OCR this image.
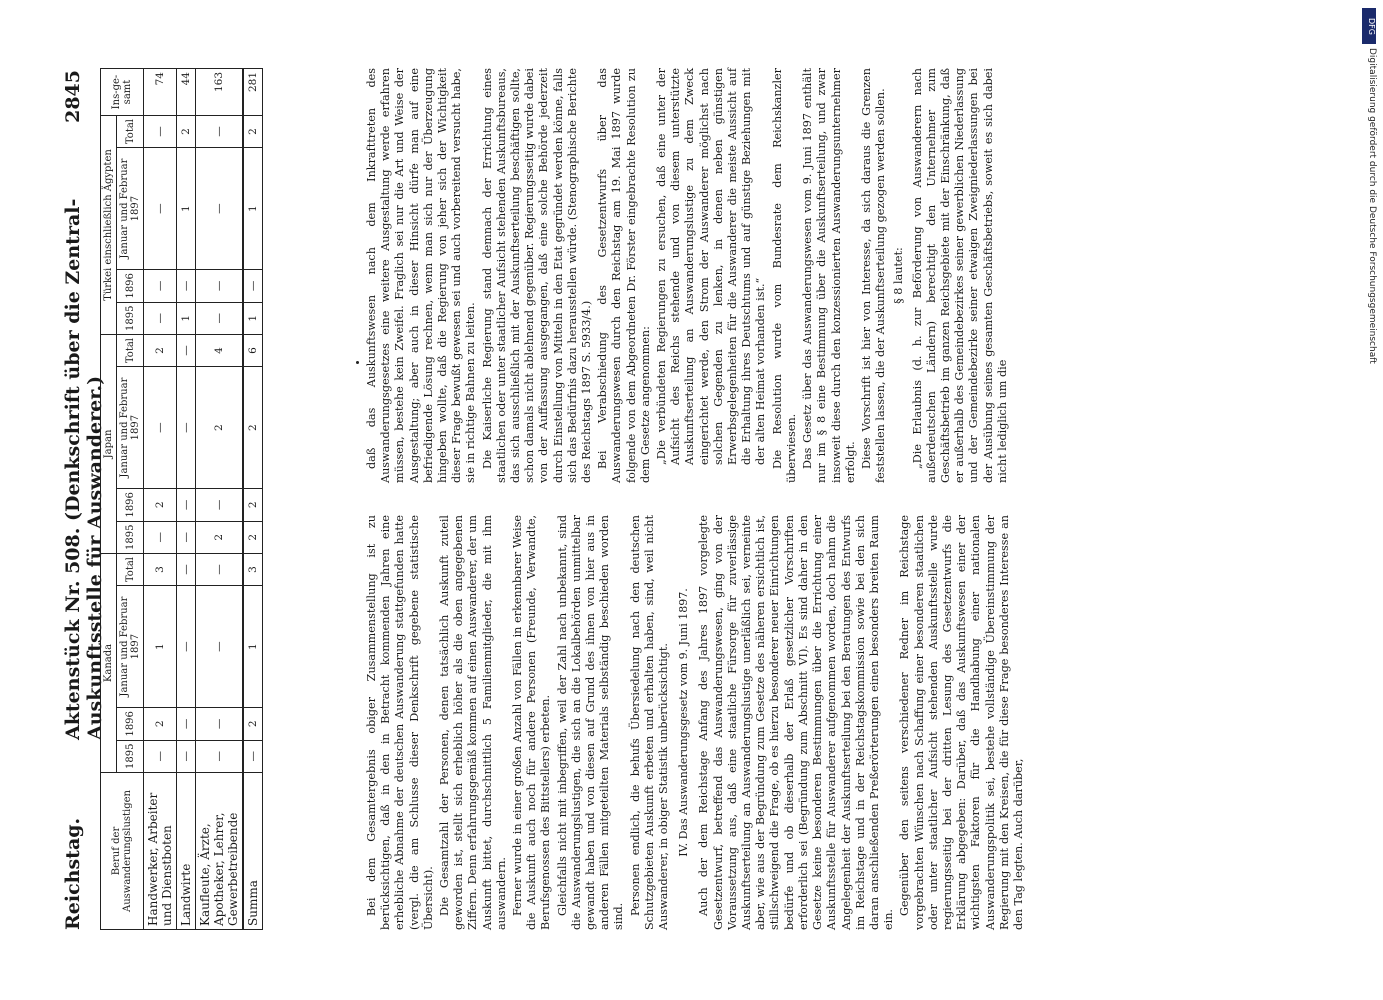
Reichstag.
Aktenstück Nr. 508. (Denkschrift über die Zentral-Auskunftsstelle für Auswanderer.)
2845
Beruf der Auswanderungslustigen	Kanada				Japan				Türkei einschließlich Ägypten				Ins-ge-samt
	1895	1896	Januar und Februar 1897	Total	1895	1896	Januar und Februar 1897	Total	1895	1896	Januar und Februar 1897	Total	
Handwerker, Arbeiter und Dienstboten	—	2	1	3	—	2	—	2	—	—	—	—	74
Landwirte	—	—	—	—	—	—	—	—	1	—	1	2	44
Kaufleute, Ärzte, Apotheker, Lehrer, Gewerbetreibende	—	—	—	—	2	—	2	4	—	—	—	—	163
Summa	—	2	1	3	2	2	2	6	1	—	1	2	281

Bei dem Gesamtergebnis obiger Zusammenstellung ist zu berücksichtigen, daß in den in Betracht kommenden Jahren eine erhebliche Abnahme der deutschen Auswanderung stattgefunden hatte (vergl. die am Schlusse dieser Denkschrift gegebene statistische Übersicht). Die Gesamtzahl der Personen, denen tatsächlich Auskunft zuteil geworden ist, stellt sich erheblich höher als die oben angegebenen Ziffern. Denn erfahrungsgemäß kommen auf einen Auswanderer, der um Auskunft bittet, durchschnittlich 5 Familienmitglieder, die mit ihm auswandern. Ferner wurde in einer großen Anzahl von Fällen in erkennbarer Weise die Auskunft auch noch für andere Personen (Freunde, Verwandte, Berufsgenossen des Bittstellers) erbeten. Gleichfalls nicht mit inbegriffen, weil der Zahl nach unbekannt, sind die Auswanderungslustigen, die sich an die Lokalbehörden unmittelbar gewandt haben und von diesen auf Grund des ihnen von hier aus in anderen Fällen mitgeteilten Materials selbständig beschieden worden sind.

Personen endlich, die behufs Übersiedelung nach den deutschen Schutzgebieten Auskunft erbeten und erhalten haben, sind, weil nicht Auswanderer, in obiger Statistik unberücksichtigt. IV. Das Auswanderungsgesetz vom 9. Juni 1897. Auch der dem Reichstage Anfang des Jahres 1897 vorgelegte Gesetzentwurf, betreffend das Auswanderungswesen, ging von der Voraussetzung aus, daß eine staatliche Fürsorge für zuverlässige Auskunftserteilung an Auswanderungslustige unerläßlich sei, verneinte aber, wie aus der Begründung zum Gesetze des näheren ersichtlich ist, stillschweigend die Frage, ob es hierzu besonderer neuer Einrichtungen bedürfe und ob dieserhalb der Erlaß gesetzlicher Vorschriften erforderlich sei (Begründung zum Abschnitt VI). Es sind daher in den Gesetze keine besonderen Bestimmungen über die Errichtung einer Auskunftsstelle für Auswanderer aufgenommen worden, doch nahm die Angelegenheit der Auskunftserteilung bei den Beratungen des Entwurfs im Reichstage und in der Reichstagskommission sowie bei den sich daran anschließenden Preßerörterungen einen besonders breiten Raum ein.

Gegenüber den seitens verschiedener Redner im Reichstage vorgebrachten Wünschen nach Schaffung einer besonderen staatlichen oder unter staatlicher Aufsicht stehenden Auskunftsstelle wurde regierungsseitig bei der dritten Lesung des Gesetzentwurfs die Erklärung abgegeben: Darüber, daß das Auskunftswesen einer der wichtigsten Faktoren für die Handhabung einer nationalen Auswanderungspolitik sei, bestehe vollständige Übereinstimmung der Regierung mit den Kreisen, die für diese Frage besonderes Interesse an den Tag legten. Auch darüber,

daß das Auskunftswesen nach dem Inkrafttreten des Auswanderungsgesetzes eine weitere Ausgestaltung werde erfahren müssen, bestehe kein Zweifel. Fraglich sei nur die Art und Weise der Ausgestaltung; aber auch in dieser Hinsicht dürfe man auf eine befriedigende Lösung rechnen, wenn man sich nur der Überzeugung hingeben wollte, daß die Regierung von jeher sich der Wichtigkeit dieser Frage bewußt gewesen sei und auch vorbereitend versucht habe, sie in richtige Bahnen zu leiten. Die Kaiserliche Regierung stand demnach der Errichtung eines staatlichen oder unter staatlicher Aufsicht stehenden Auskunftsbureaus, das sich ausschließlich mit der Auskunftserteilung beschäftigen sollte, schon damals nicht ablehnend gegenüber. Regierungsseitig wurde dabei von der Auffassung ausgegangen, daß eine solche Behörde jederzeit durch Einstellung von Mitteln in den Etat gegründet werden könne, falls sich das Bedürfnis dazu herausstellen würde. (Stenographische Berichte des Reichstags 1897 S. 5933/4.) Bei Verabschiedung des Gesetzentwurfs über das Auswanderungswesen durch den Reichstag am 19. Mai 1897 wurde folgende von dem Abgeordneten Dr. Förster eingebrachte Resolution zu dem Gesetze angenommen: „Die verbündeten Regierungen zu ersuchen, daß eine unter der Aufsicht des Reichs stehende und von diesem unterstützte Auskunftserteilung an Auswanderungslustige zu dem Zweck eingerichtet werde, den Strom der Auswanderer möglichst nach solchen Gegenden zu lenken, in denen neben günstigen Erwerbsgelegenheiten für die Auswanderer die meiste Aussicht auf die Erhaltung ihres Deutschtums und auf günstige Beziehungen mit der alten Heimat vorhanden ist.“ Die Resolution wurde vom Bundesrate dem Reichskanzler überwiesen. Das Gesetz über das Auswanderungswesen vom 9. Juni 1897 enthält nur im § 8 eine Bestimmung über die Auskunftserteilung, und zwar insoweit diese durch den konzessionierten Auswanderungsunternehmer erfolgt. Diese Vorschrift ist hier von Interesse, da sich daraus die Grenzen feststellen lassen, die der Auskunftserteilung gezogen werden sollen. § 8 lautet: „Die Erlaubnis (d. h. zur Beförderung von Auswanderern nach außerdeutschen Ländern) berechtigt den Unternehmer zum Geschäftsbetrieb im ganzen Reichsgebiete mit der Einschränkung, daß er außerhalb des Gemeindebezirkes seiner gewerblichen Niederlassung und der Gemeindebezirke seiner etwaigen Zweigniederlassungen bei der Ausübung seines gesamten Geschäftsbetriebs, soweit es sich dabei nicht lediglich um die

DFG
Digitalisierung gefördert durch die Deutsche Forschungsgemeinschaft
